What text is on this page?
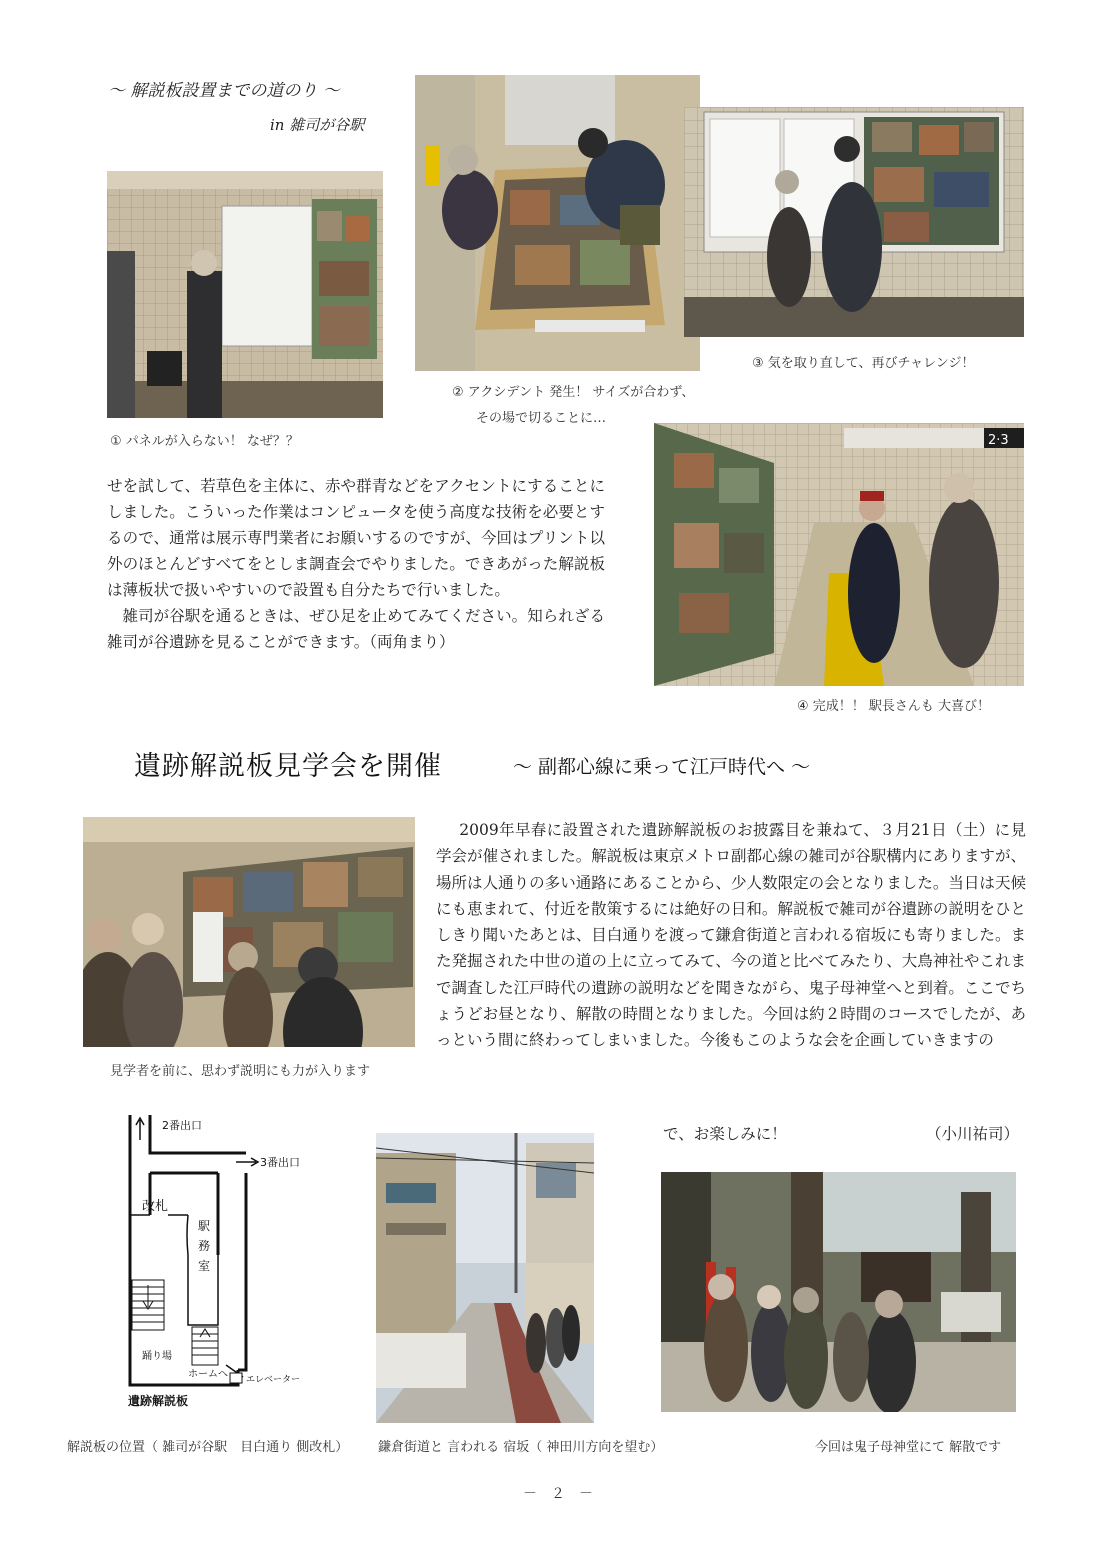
〜 解説板設置までの道のり 〜
in 雑司が谷駅
① パネルが入らない！ なぜ？？
② アクシデント 発生！ サイズが合わず、
その場で切ることに…
③ 気を取り直して、再びチャレンジ！

せを試して、若草色を主体に、赤や群青などをアクセントにすることにしました。こういった作業はコンピュータを使う高度な技術を必要とするので、通常は展示専門業者にお願いするのですが、今回はプリント以外のほとんどすべてをとしま調査会でやりました。できあがった解説板は薄板状で扱いやすいので設置も自分たちで行いました。

雑司が谷駅を通るときは、ぜひ足を止めてみてください。知られざる雑司が谷遺跡を見ることができます。（両角まり）

2·3
④ 完成！！ 駅長さんも 大喜び！
遺跡解説板見学会を開催	〜 副都心線に乗って江戸時代へ 〜
見学者を前に、思わず説明にも力が入ります
2009年早春に設置された遺跡解説板のお披露目を兼ねて、３月21日（土）に見学会が催されました。解説板は東京メトロ副都心線の雑司が谷駅構内にありますが、場所は人通りの多い通路にあることから、少人数限定の会となりました。当日は天候にも恵まれて、付近を散策するには絶好の日和。解説板で雑司が谷遺跡の説明をひとしきり聞いたあとは、目白通りを渡って鎌倉街道と言われる宿坂にも寄りました。また発掘された中世の道の上に立ってみて、今の道と比べてみたり、大鳥神社やこれまで調査した江戸時代の遺跡の説明などを聞きながら、鬼子母神堂へと到着。ここでちょうどお昼となり、解散の時間となりました。今回は約２時間のコースでしたが、あっという間に終わってしまいました。今後もこのような会を企画していきますの
で、お楽しみに！	（小川祐司）
2番出口
3番出口
改札
駅
務
室
踊り場
ホームへ エレベーター
遺跡解説板
解説板の位置（ 雑司が谷駅　目白通り 側改札） 鎌倉街道と 言われる 宿坂（ 神田川方向を望む）	今回は鬼子母神堂にて 解散です
－　２　－
